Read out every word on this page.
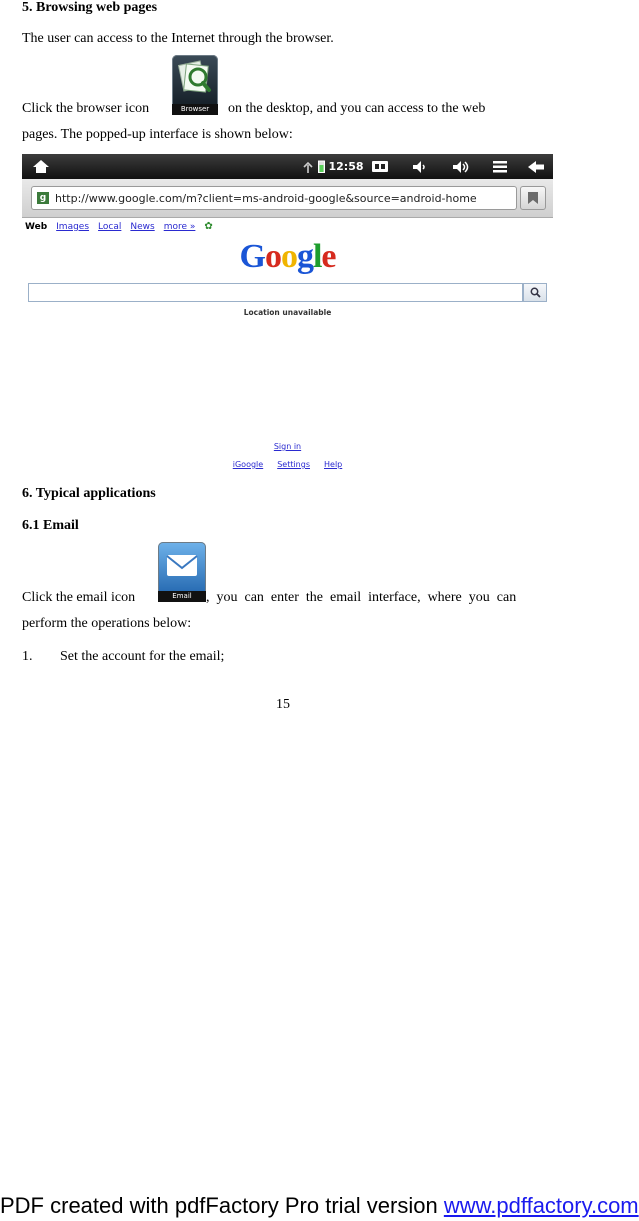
5. Browsing web pages
The user can access to the Internet through the browser.
Click the browser icon	Browser	on the desktop, and you can access to the web
pages. The popped-up interface is shown below:
12:58
g http://www.google.com/m?client=ms-android-google&source=android-home
Web Images Local News more » ✿
Google
Location unavailable
Sign in
iGoogle Settings Help
6. Typical applications
6.1 Email
Click the email icon	Email	,  you  can  enter  the  email  interface,  where  you  can
perform the operations below:
1. Set the account for the email;
15
PDF created with pdfFactory Pro trial version www.pdffactory.com
